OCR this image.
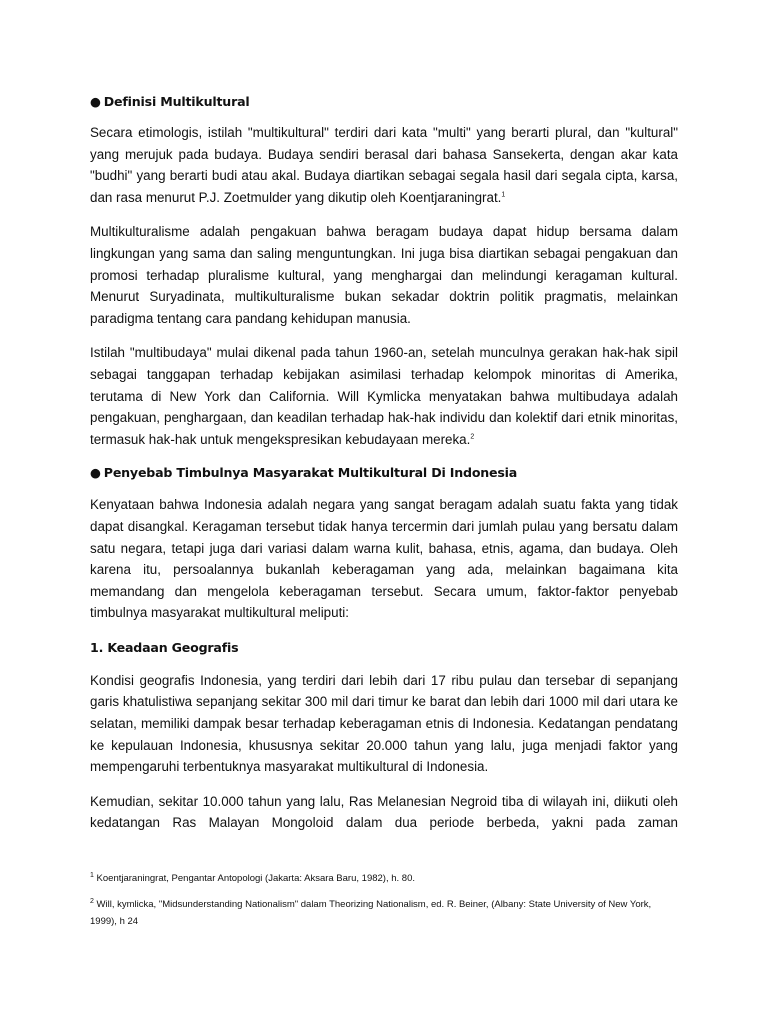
● Definisi Multikultural

Secara etimologis, istilah "multikultural" terdiri dari kata "multi" yang berarti plural, dan "kultural" yang merujuk pada budaya. Budaya sendiri berasal dari bahasa Sansekerta, dengan akar kata "budhi" yang berarti budi atau akal. Budaya diartikan sebagai segala hasil dari segala cipta, karsa, dan rasa menurut P.J. Zoetmulder yang dikutip oleh Koentjaraningrat.$^1$

Multikulturalisme adalah pengakuan bahwa beragam budaya dapat hidup bersama dalam lingkungan yang sama dan saling menguntungkan. Ini juga bisa diartikan sebagai pengakuan dan promosi terhadap pluralisme kultural, yang menghargai dan melindungi keragaman kultural. Menurut Suryadinata, multikulturalisme bukan sekadar doktrin politik pragmatis, melainkan paradigma tentang cara pandang kehidupan manusia.

Istilah "multibudaya" mulai dikenal pada tahun 1960-an, setelah munculnya gerakan hak-hak sipil sebagai tanggapan terhadap kebijakan asimilasi terhadap kelompok minoritas di Amerika, terutama di New York dan California. Will Kymlicka menyatakan bahwa multibudaya adalah pengakuan, penghargaan, dan keadilan terhadap hak-hak individu dan kolektif dari etnik minoritas, termasuk hak-hak untuk mengekspresikan kebudayaan mereka.$^2$

● Penyebab Timbulnya Masyarakat Multikultural Di Indonesia

Kenyataan bahwa Indonesia adalah negara yang sangat beragam adalah suatu fakta yang tidak dapat disangkal. Keragaman tersebut tidak hanya tercermin dari jumlah pulau yang bersatu dalam satu negara, tetapi juga dari variasi dalam warna kulit, bahasa, etnis, agama, dan budaya. Oleh karena itu, persoalannya bukanlah keberagaman yang ada, melainkan bagaimana kita memandang dan mengelola keberagaman tersebut. Secara umum, faktor-faktor penyebab timbulnya masyarakat multikultural meliputi:

1. Keadaan Geografis

Kondisi geografis Indonesia, yang terdiri dari lebih dari 17 ribu pulau dan tersebar di sepanjang garis khatulistiwa sepanjang sekitar 300 mil dari timur ke barat dan lebih dari 1000 mil dari utara ke selatan, memiliki dampak besar terhadap keberagaman etnis di Indonesia. Kedatangan pendatang ke kepulauan Indonesia, khususnya sekitar 20.000 tahun yang lalu, juga menjadi faktor yang mempengaruhi terbentuknya masyarakat multikultural di Indonesia.

Kemudian, sekitar 10.000 tahun yang lalu, Ras Melanesian Negroid tiba di wilayah ini, diikuti oleh kedatangan Ras Malayan Mongoloid dalam dua periode berbeda, yakni pada zaman

$^1$ Koentjaraningrat, Pengantar Antopologi (Jakarta: Aksara Baru, 1982), h. 80.

$^2$ Will, kymlicka, "Midsunderstanding Nationalism" dalam Theorizing Nationalism, ed. R. Beiner, (Albany: State University of New York, 1999), h 24
